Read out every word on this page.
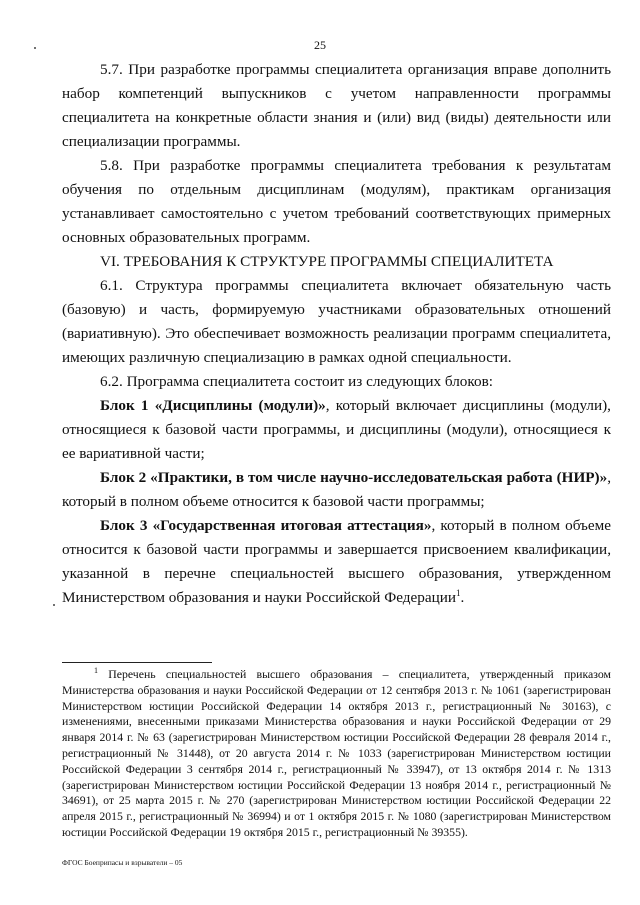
25

5.7. При разработке программы специалитета организация вправе дополнить набор компетенций выпускников с учетом направленности программы специалитета на конкретные области знания и (или) вид (виды) деятельности или специализации программы.

5.8. При разработке программы специалитета требования к результатам обучения по отдельным дисциплинам (модулям), практикам организация устанавливает самостоятельно с учетом требований соответствующих примерных основных образовательных программ.

VI. ТРЕБОВАНИЯ К СТРУКТУРЕ ПРОГРАММЫ СПЕЦИАЛИТЕТА

6.1. Структура программы специалитета включает обязательную часть (базовую) и часть, формируемую участниками образовательных отношений (вариативную). Это обеспечивает возможность реализации программ специалитета, имеющих различную специализацию в рамках одной специальности.

6.2. Программа специалитета состоит из следующих блоков:

Блок 1 «Дисциплины (модули)», который включает дисциплины (модули), относящиеся к базовой части программы, и дисциплины (модули), относящиеся к ее вариативной части;

Блок 2 «Практики, в том числе научно-исследовательская работа (НИР)», который в полном объеме относится к базовой части программы;

Блок 3 «Государственная итоговая аттестация», который в полном объеме относится к базовой части программы и завершается присвоением квалификации, указанной в перечне специальностей высшего образования, утвержденном Министерством образования и науки Российской Федерации$^1$.

$^1$ Перечень специальностей высшего образования – специалитета, утвержденный приказом Министерства образования и науки Российской Федерации от 12 сентября 2013 г. № 1061 (зарегистрирован Министерством юстиции Российской Федерации 14 октября 2013 г., регистрационный № 30163), с изменениями, внесенными приказами Министерства образования и науки Российской Федерации от 29 января 2014 г. № 63 (зарегистрирован Министерством юстиции Российской Федерации 28 февраля 2014 г., регистрационный № 31448), от 20 августа 2014 г. № 1033 (зарегистрирован Министерством юстиции Российской Федерации 3 сентября 2014 г., регистрационный № 33947), от 13 октября 2014 г. № 1313 (зарегистрирован Министерством юстиции Российской Федерации 13 ноября 2014 г., регистрационный № 34691), от 25 марта 2015 г. № 270 (зарегистрирован Министерством юстиции Российской Федерации 22 апреля 2015 г., регистрационный № 36994) и от 1 октября 2015 г. № 1080 (зарегистрирован Министерством юстиции Российской Федерации 19 октября 2015 г., регистрационный № 39355).

ФГОС Боеприпасы и взрыватели – 05
